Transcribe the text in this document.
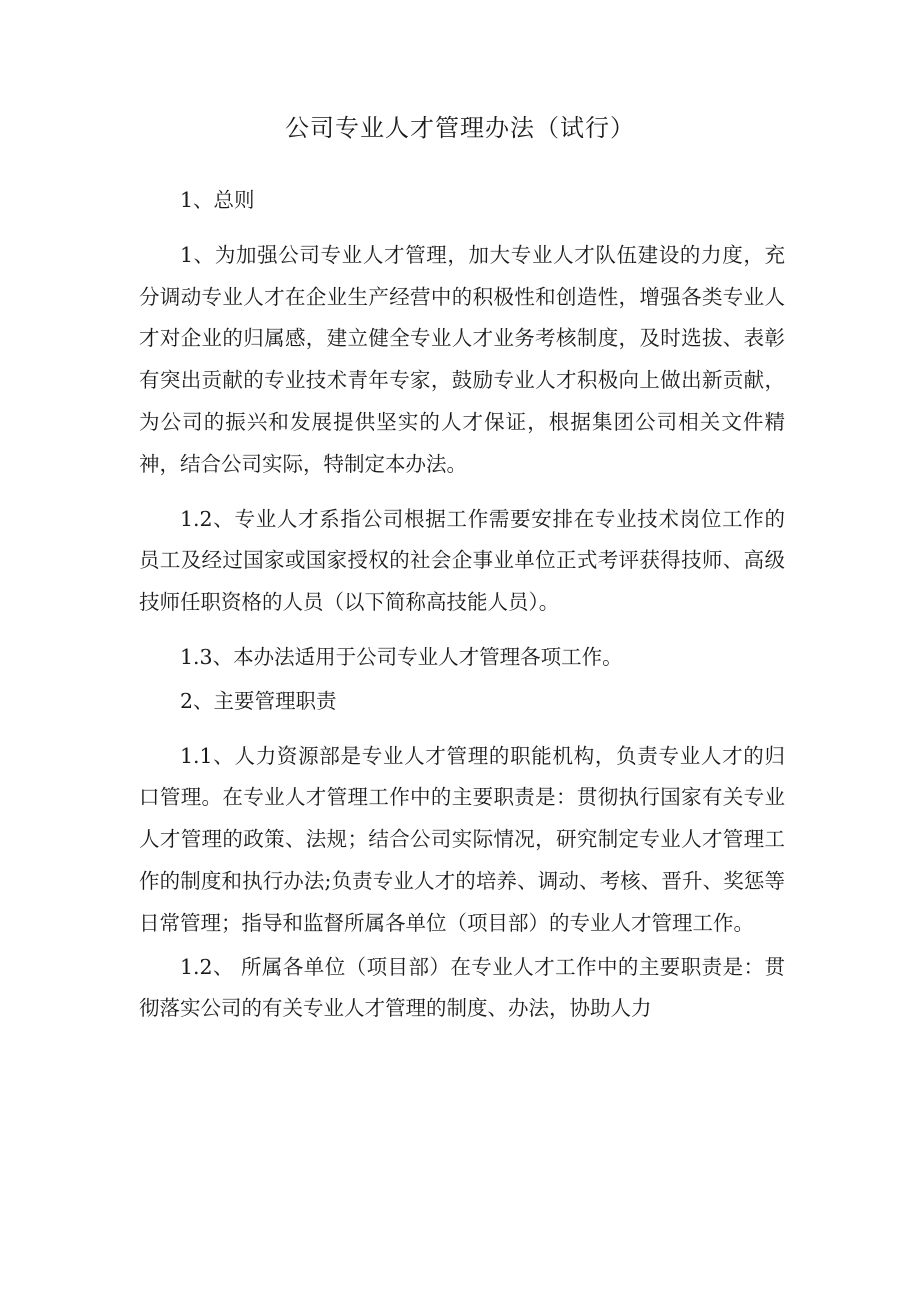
公司专业人才管理办法（试行）

1、总则

1、为加强公司专业人才管理，加大专业人才队伍建设的力度，充分调动专业人才在企业生产经营中的积极性和创造性，增强各类专业人才对企业的归属感，建立健全专业人才业务考核制度，及时选拔、表彰有突出贡献的专业技术青年专家，鼓励专业人才积极向上做出新贡献，为公司的振兴和发展提供坚实的人才保证，根据集团公司相关文件精神，结合公司实际，特制定本办法。

1.2、专业人才系指公司根据工作需要安排在专业技术岗位工作的员工及经过国家或国家授权的社会企事业单位正式考评获得技师、高级技师任职资格的人员（以下简称高技能人员）。

1.3、本办法适用于公司专业人才管理各项工作。

2、主要管理职责

1.1、人力资源部是专业人才管理的职能机构，负责专业人才的归口管理。在专业人才管理工作中的主要职责是：贯彻执行国家有关专业人才管理的政策、法规；结合公司实际情况，研究制定专业人才管理工作的制度和执行办法;负责专业人才的培养、调动、考核、晋升、奖惩等日常管理；指导和监督所属各单位（项目部）的专业人才管理工作。

1.2、 所属各单位（项目部）在专业人才工作中的主要职责是：贯彻落实公司的有关专业人才管理的制度、办法，协助人力
